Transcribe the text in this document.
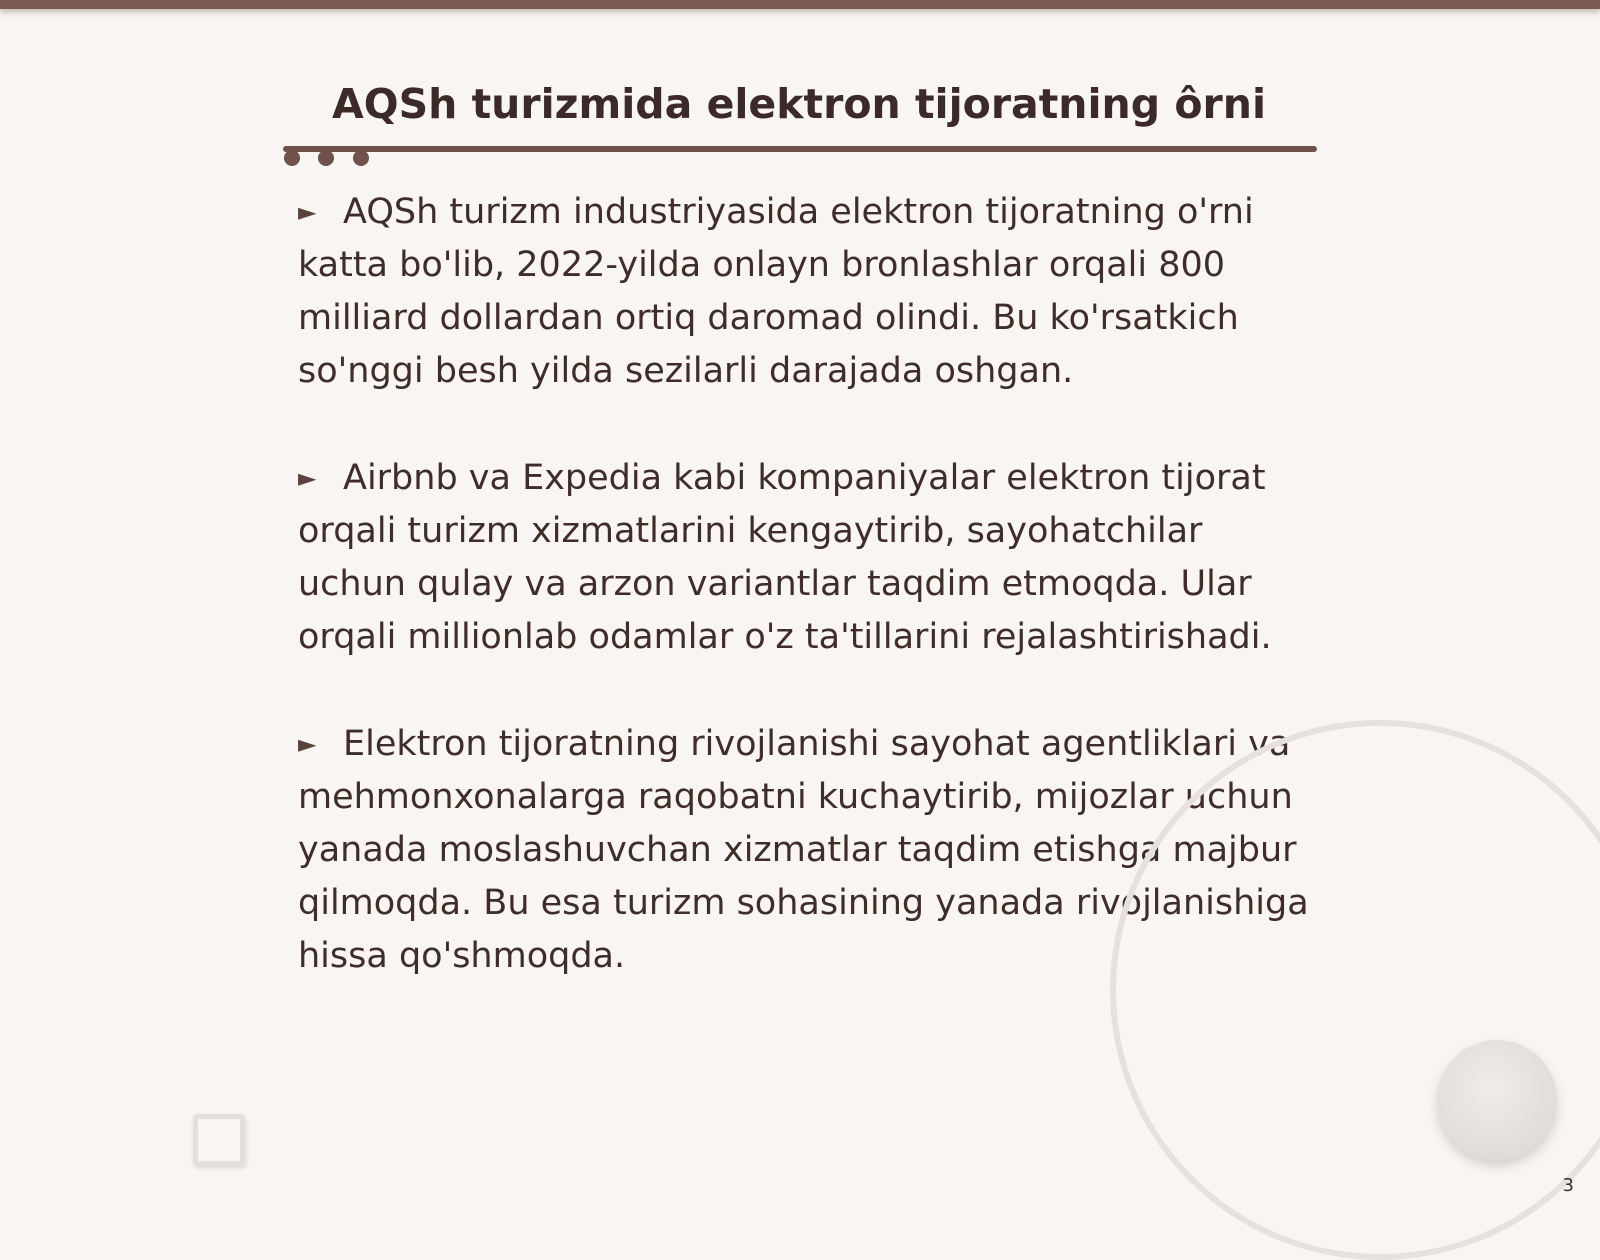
AQSh turizmida elektron tijoratning ôrni

► AQSh turizm industriyasida elektron tijoratning o'rni katta bo'lib, 2022-yilda onlayn bronlashlar orqali 800 milliard dollardan ortiq daromad olindi. Bu ko'rsatkich so'nggi besh yilda sezilarli darajada oshgan.

► Airbnb va Expedia kabi kompaniyalar elektron tijorat orqali turizm xizmatlarini kengaytirib, sayohatchilar uchun qulay va arzon variantlar taqdim etmoqda. Ular orqali millionlab odamlar o'z ta'tillarini rejalashtirishadi.

► Elektron tijoratning rivojlanishi sayohat agentliklari va mehmonxonalarga raqobatni kuchaytirib, mijozlar uchun yanada moslashuvchan xizmatlar taqdim etishga majbur qilmoqda. Bu esa turizm sohasining yanada rivojlanishiga hissa qo'shmoqda.

3
